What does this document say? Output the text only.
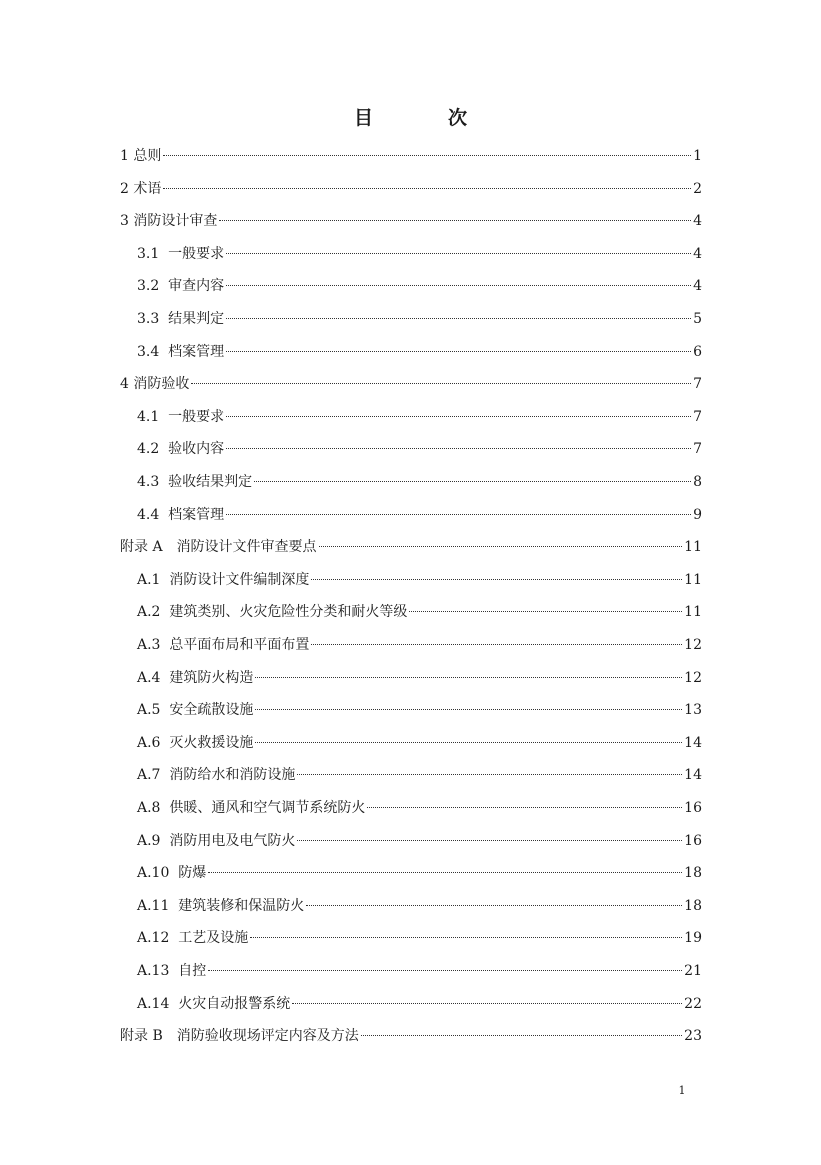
目　次
1 总则	1
2 术语	2
3 消防设计审查	4
3.1 一般要求	4
3.2 审查内容	4
3.3 结果判定	5
3.4 档案管理	6
4 消防验收	7
4.1 一般要求	7
4.2 验收内容	7
4.3 验收结果判定	8
4.4 档案管理	9
附录 A　 消防设计文件审查要点	11
A.1 消防设计文件编制深度	11
A.2 建筑类别、火灾危险性分类和耐火等级	11
A.3 总平面布局和平面布置	12
A.4 建筑防火构造	12
A.5 安全疏散设施	13
A.6 灭火救援设施	14
A.7 消防给水和消防设施	14
A.8 供暖、通风和空气调节系统防火	16
A.9 消防用电及电气防火	16
A.10 防爆	18
A.11 建筑装修和保温防火	18
A.12 工艺及设施	19
A.13 自控	21
A.14 火灾自动报警系统	22
附录 B　 消防验收现场评定内容及方法	23
1
